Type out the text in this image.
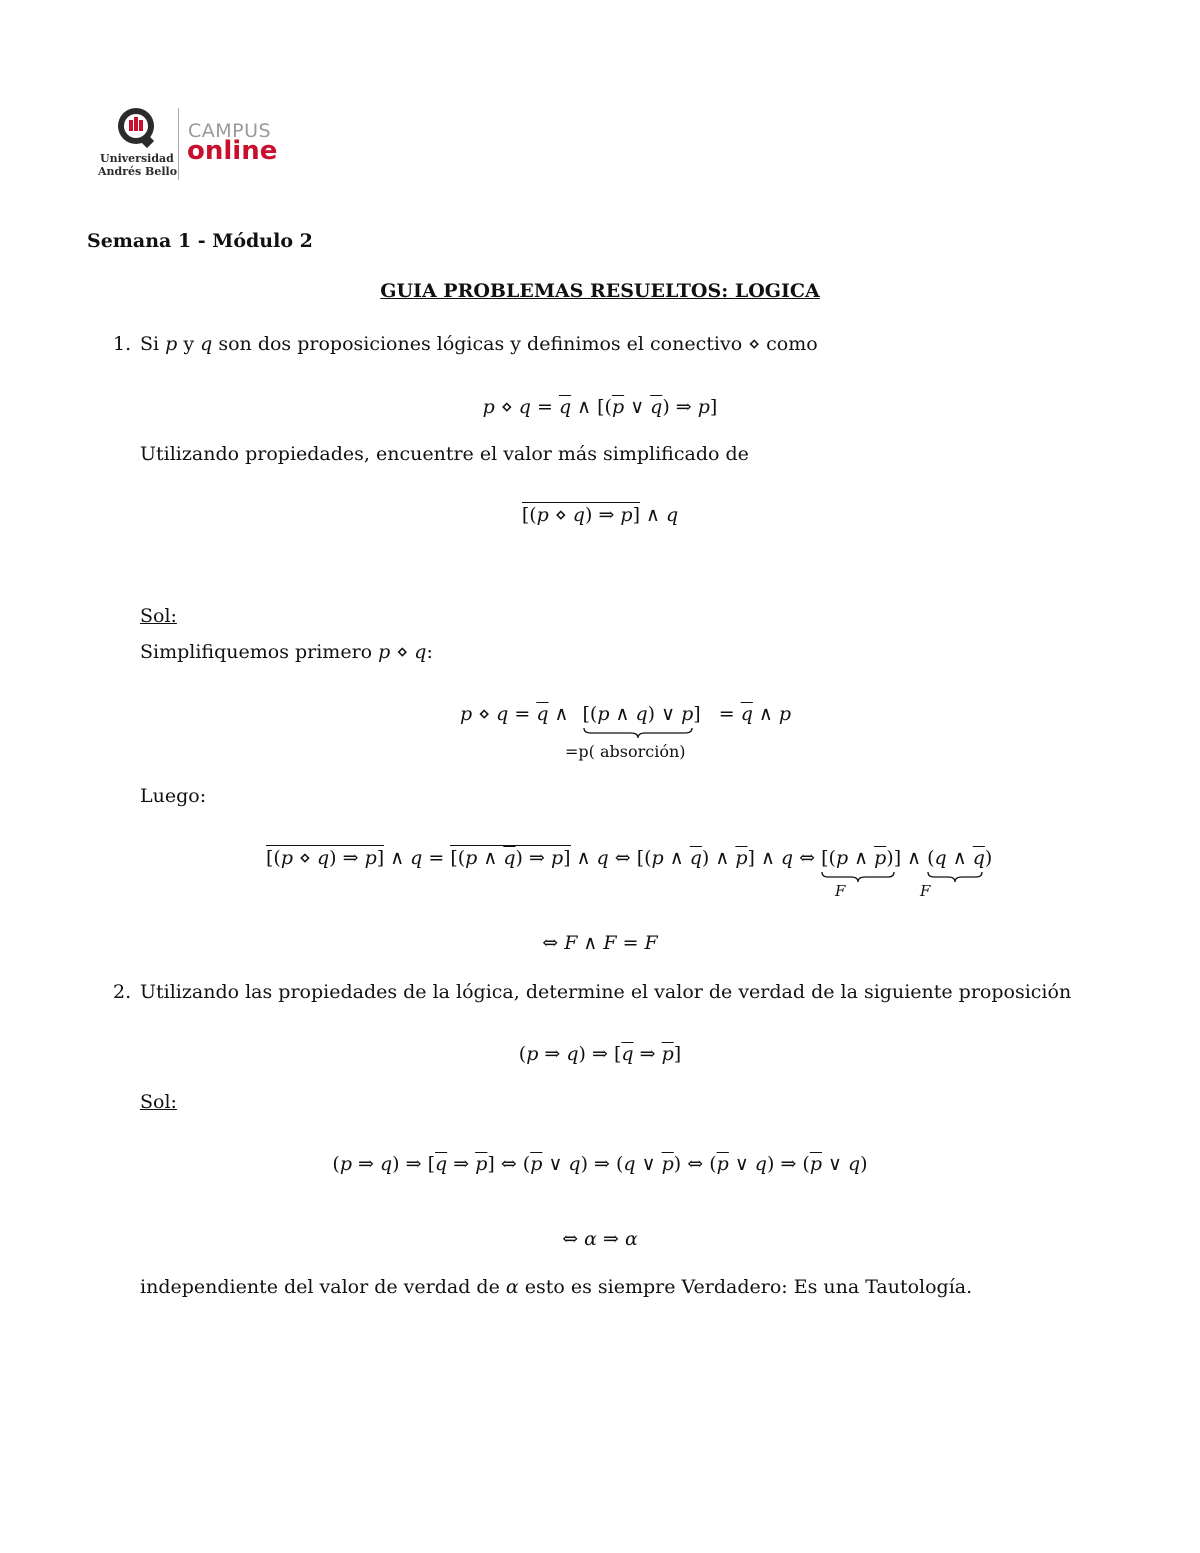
Universidad
Andrés Bello
CAMPUS
online
Semana 1 - Módulo 2
GUIA PROBLEMAS RESUELTOS: LOGICA
1. Si p y q son dos proposiciones lógicas y definimos el conectivo ⋄ como
p ⋄ $q = \overline{q}$ ∧ [($\overline{p}$ ∨ $\overline{q}$) ⇒ p]
Utilizando propiedades, encuentre el valor más simplificado de
[(p ⋄ q) ⇒ p] ∧ q
Sol:
Simplifiquemos primero p ⋄ q:
p ⋄ $q = \overline{q}$ ∧ [(p ∧ q) ∨ $p] = \overline{q}$ ∧ p
=p( absorción)
Luego:
[(p ⋄ q) ⇒ p] ∧ q = [(p ∧ $\overline{q}$) ⇒ p] ∧ q ⇔ [(p ∧ $\overline{q}$) ∧ $\overline{p}$] ∧ q ⇔ [(p ∧ $\overline{p}$)] ∧ (q ∧ $\overline{q}$)
F	F
⇔ F ∧ F = F
2. Utilizando las propiedades de la lógica, determine el valor de verdad de la siguiente proposición
(p ⇒ q) ⇒ [$\overline{q}$ ⇒ $\overline{p}$]
Sol:
(p ⇒ q) ⇒ [$\overline{q}$ ⇒ $\overline{p}$] ⇔ ($\overline{p}$ ∨ q) ⇒ (q ∨ $\overline{p}$) ⇔ ($\overline{p}$ ∨ q) ⇒ ($\overline{p}$ ∨ q)
⇔ α ⇒ α
independiente del valor de verdad de α esto es siempre Verdadero: Es una Tautología.
